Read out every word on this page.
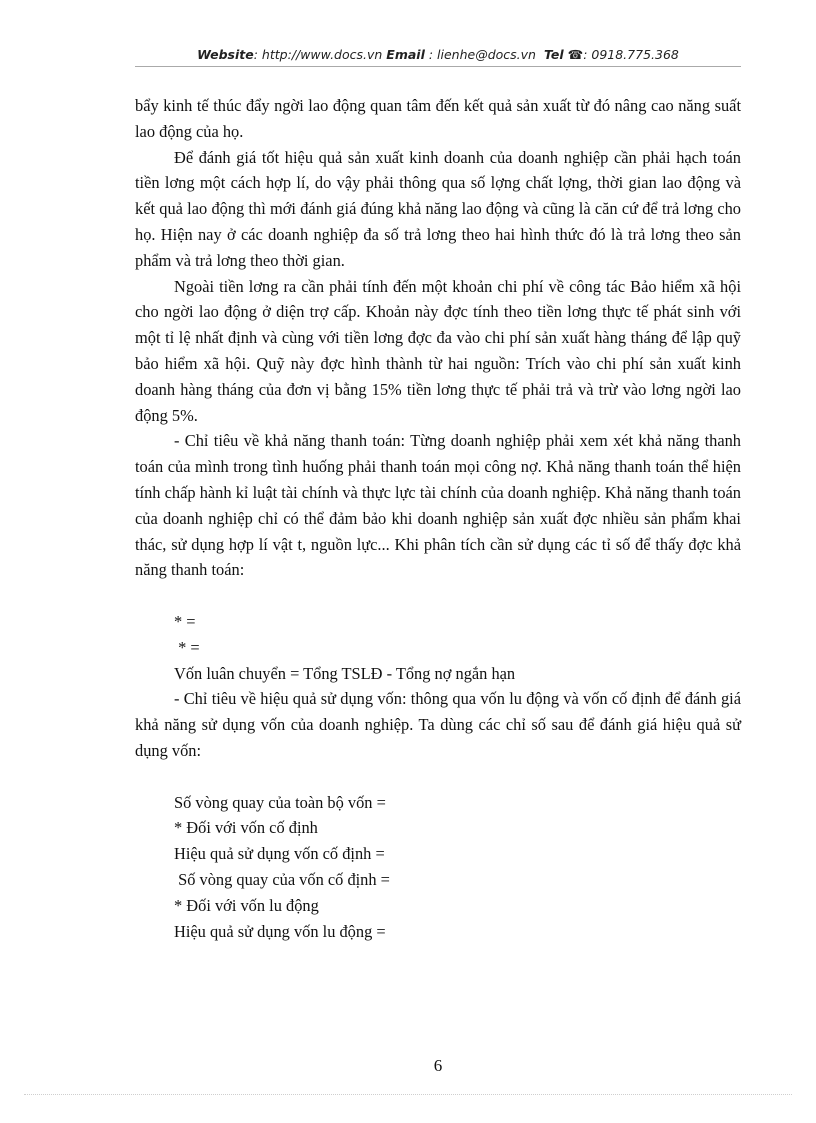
Website: http://www.docs.vn Email : lienhe@docs.vn Tel ☎: 0918.775.368

bẩy kinh tế thúc đẩy ngời lao động quan tâm đến kết quả sản xuất từ đó nâng cao năng suất lao động của họ.

Để đánh giá tốt hiệu quả sản xuất kinh doanh của doanh nghiệp cần phải hạch toán tiền lơng một cách hợp lí, do vậy phải thông qua số lợng chất lợng, thời gian lao động và kết quả lao động thì mới đánh giá đúng khả năng lao động và cũng là căn cứ để trả lơng cho họ. Hiện nay ở các doanh nghiệp đa số trả lơng theo hai hình thức đó là trả lơng theo sản phẩm và trả lơng theo thời gian.

Ngoài tiền lơng ra cần phải tính đến một khoản chi phí về công tác Bảo hiểm xã hội cho ngời lao động ở diện trợ cấp. Khoản này đợc tính theo tiền lơng thực tế phát sinh với một tỉ lệ nhất định và cùng với tiền lơng đợc đa vào chi phí sản xuất hàng tháng để lập quỹ bảo hiểm xã hội. Quỹ này đợc hình thành từ hai nguồn: Trích vào chi phí sản xuất kinh doanh hàng tháng của đơn vị bằng 15% tiền lơng thực tế phải trả và trừ vào lơng ngời lao động 5%.

- Chỉ tiêu về khả năng thanh toán: Từng doanh nghiệp phải xem xét khả năng thanh toán của mình trong tình huống phải thanh toán mọi công nợ. Khả năng thanh toán thể hiện tính chấp hành kỉ luật tài chính và thực lực tài chính của doanh nghiệp. Khả năng thanh toán của doanh nghiệp chỉ có thể đảm bảo khi doanh nghiệp sản xuất đợc nhiều sản phẩm khai thác, sử dụng hợp lí vật t, nguồn lực... Khi phân tích cần sử dụng các tỉ số để thấy đợc khả năng thanh toán:

* =

* =

Vốn luân chuyển = Tổng TSLĐ - Tổng nợ ngắn hạn

- Chỉ tiêu về hiệu quả sử dụng vốn: thông qua vốn lu động và vốn cố định để đánh giá khả năng sử dụng vốn của doanh nghiệp. Ta dùng các chỉ số sau để đánh giá hiệu quả sử dụng vốn:

Số vòng quay của toàn bộ vốn =

* Đối với vốn cố định

Hiệu quả sử dụng vốn cố định =

Số vòng quay của vốn cố định =

* Đối với vốn lu động

Hiệu quả sử dụng vốn lu động =

6
